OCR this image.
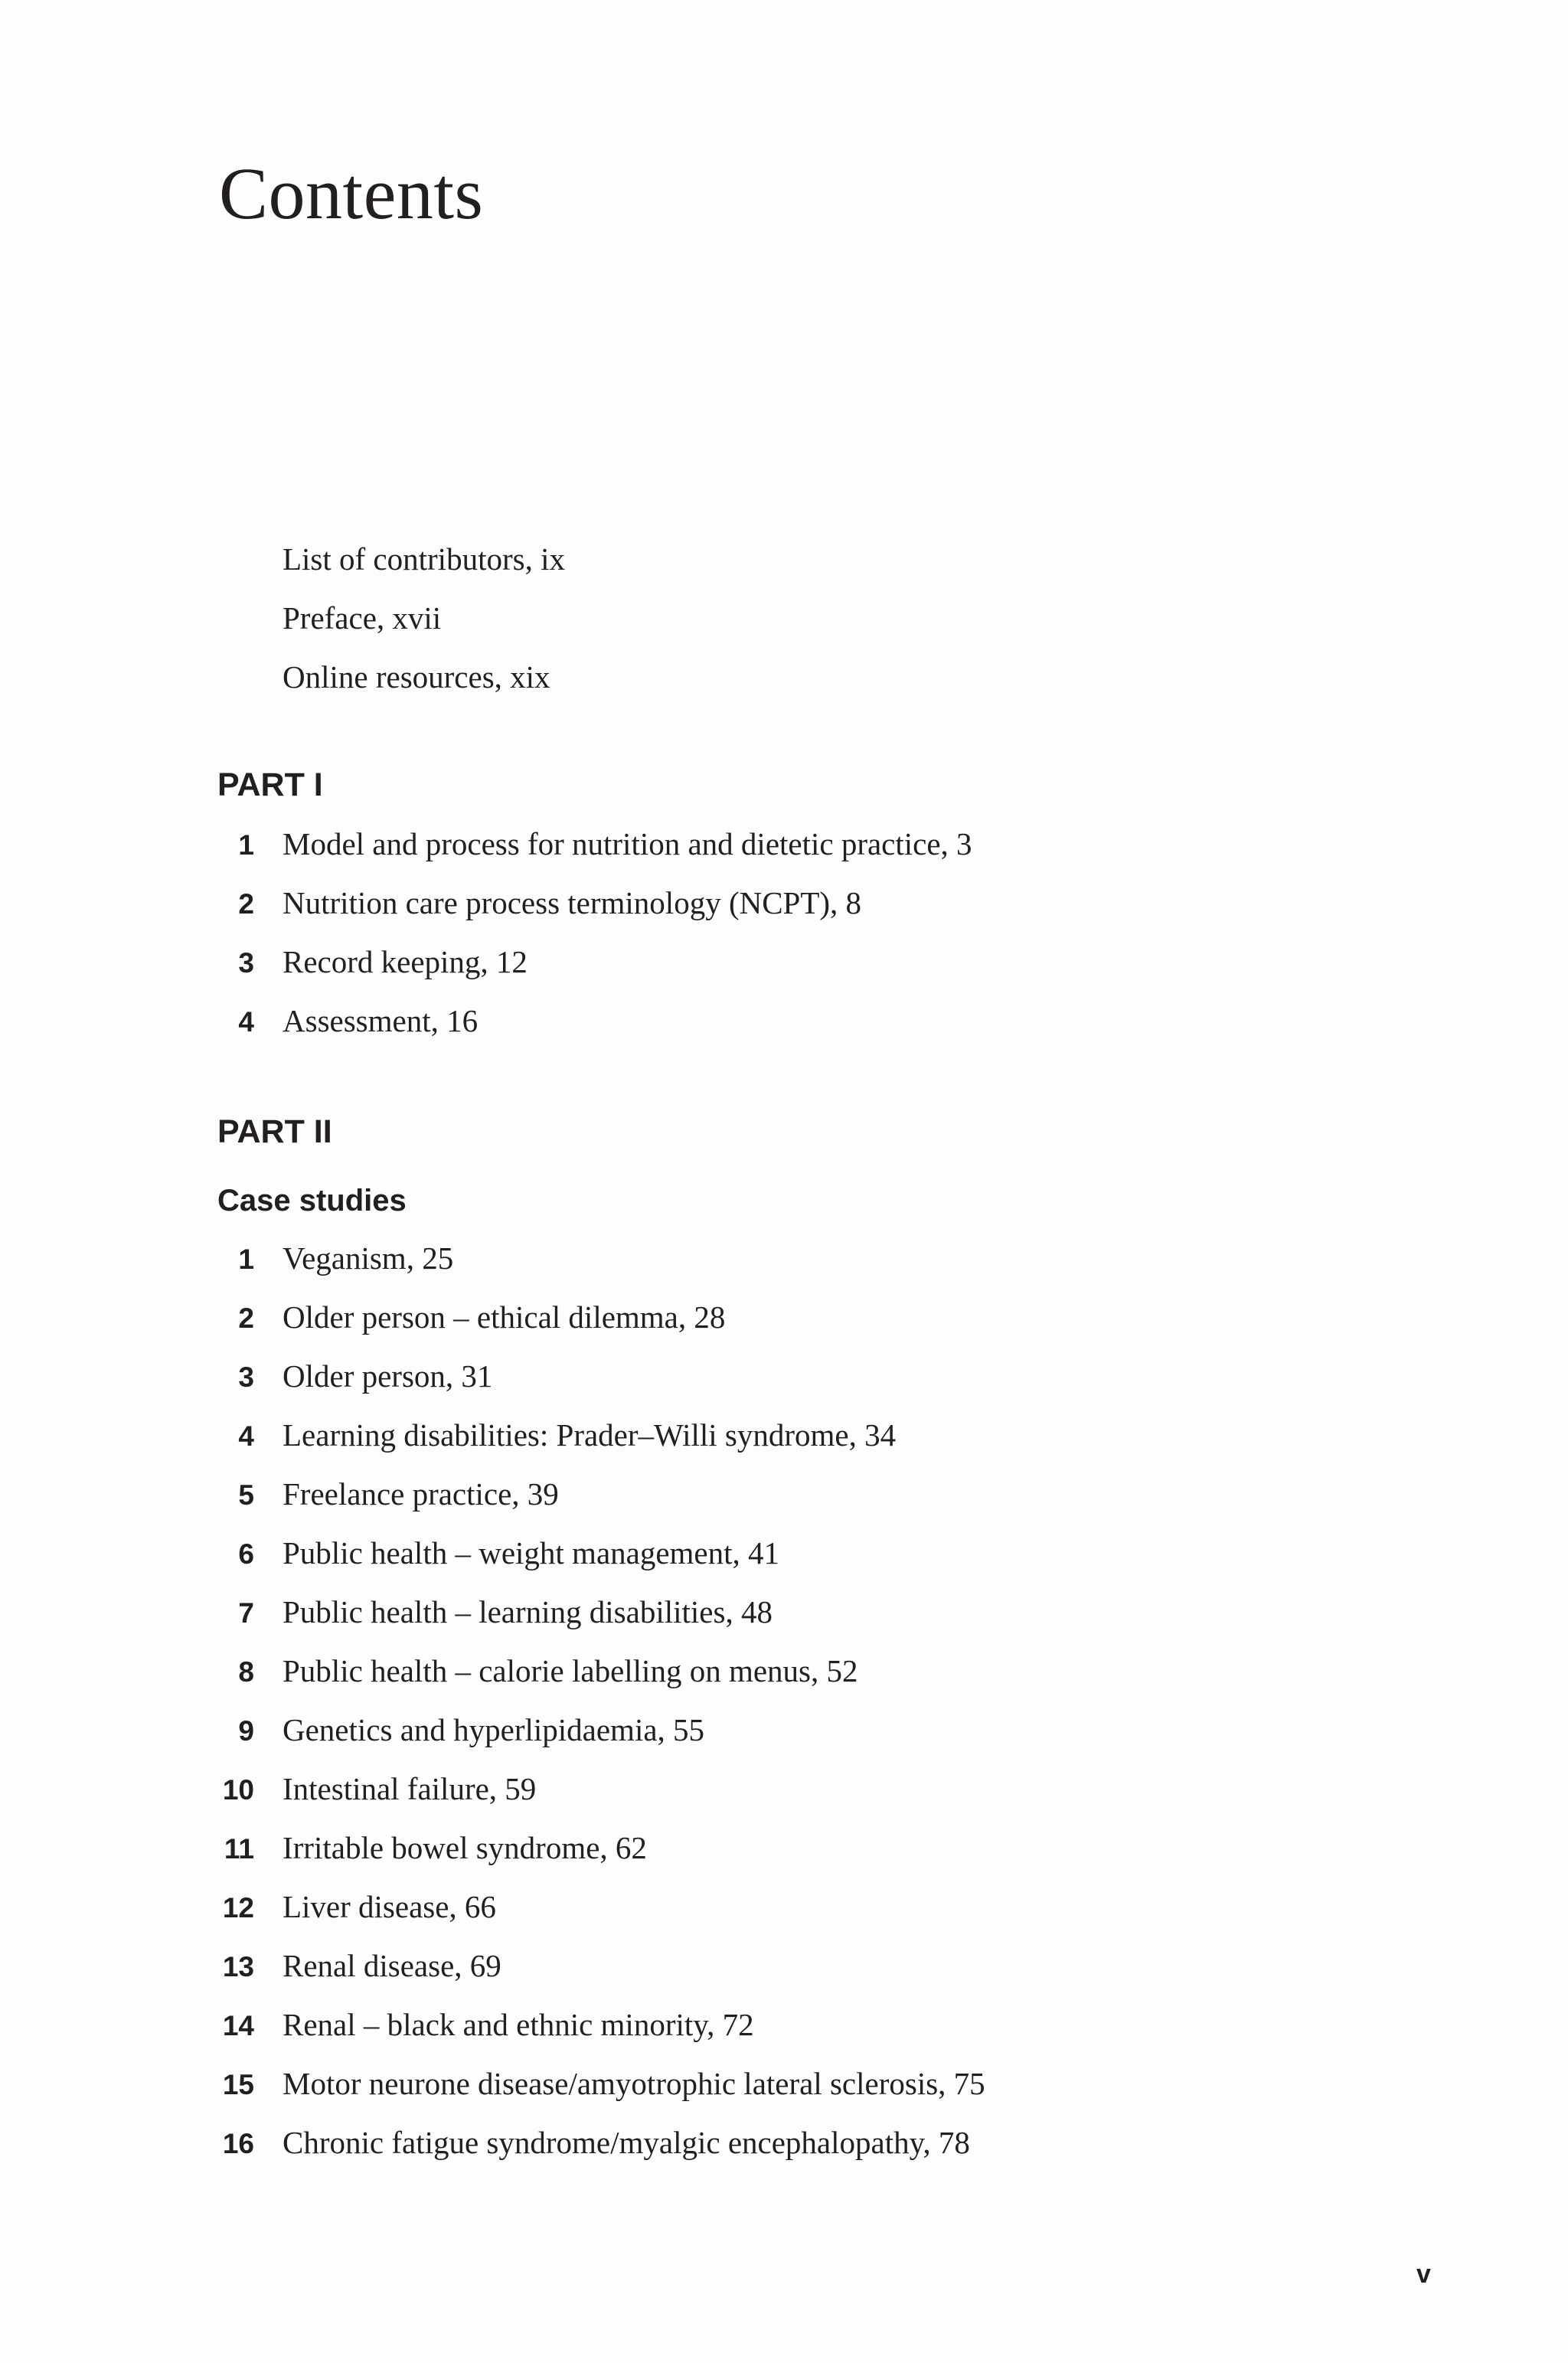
Contents
List of contributors, ix
Preface, xvii
Online resources, xix
PART I
1 Model and process for nutrition and dietetic practice, 3
2 Nutrition care process terminology (NCPT), 8
3 Record keeping, 12
4 Assessment, 16
PART II
Case studies
1 Veganism, 25
2 Older person – ethical dilemma, 28
3 Older person, 31
4 Learning disabilities: Prader–Willi syndrome, 34
5 Freelance practice, 39
6 Public health – weight management, 41
7 Public health – learning disabilities, 48
8 Public health – calorie labelling on menus, 52
9 Genetics and hyperlipidaemia, 55
10 Intestinal failure, 59
11 Irritable bowel syndrome, 62
12 Liver disease, 66
13 Renal disease, 69
14 Renal – black and ethnic minority, 72
15 Motor neurone disease/amyotrophic lateral sclerosis, 75
16 Chronic fatigue syndrome/myalgic encephalopathy, 78
v
